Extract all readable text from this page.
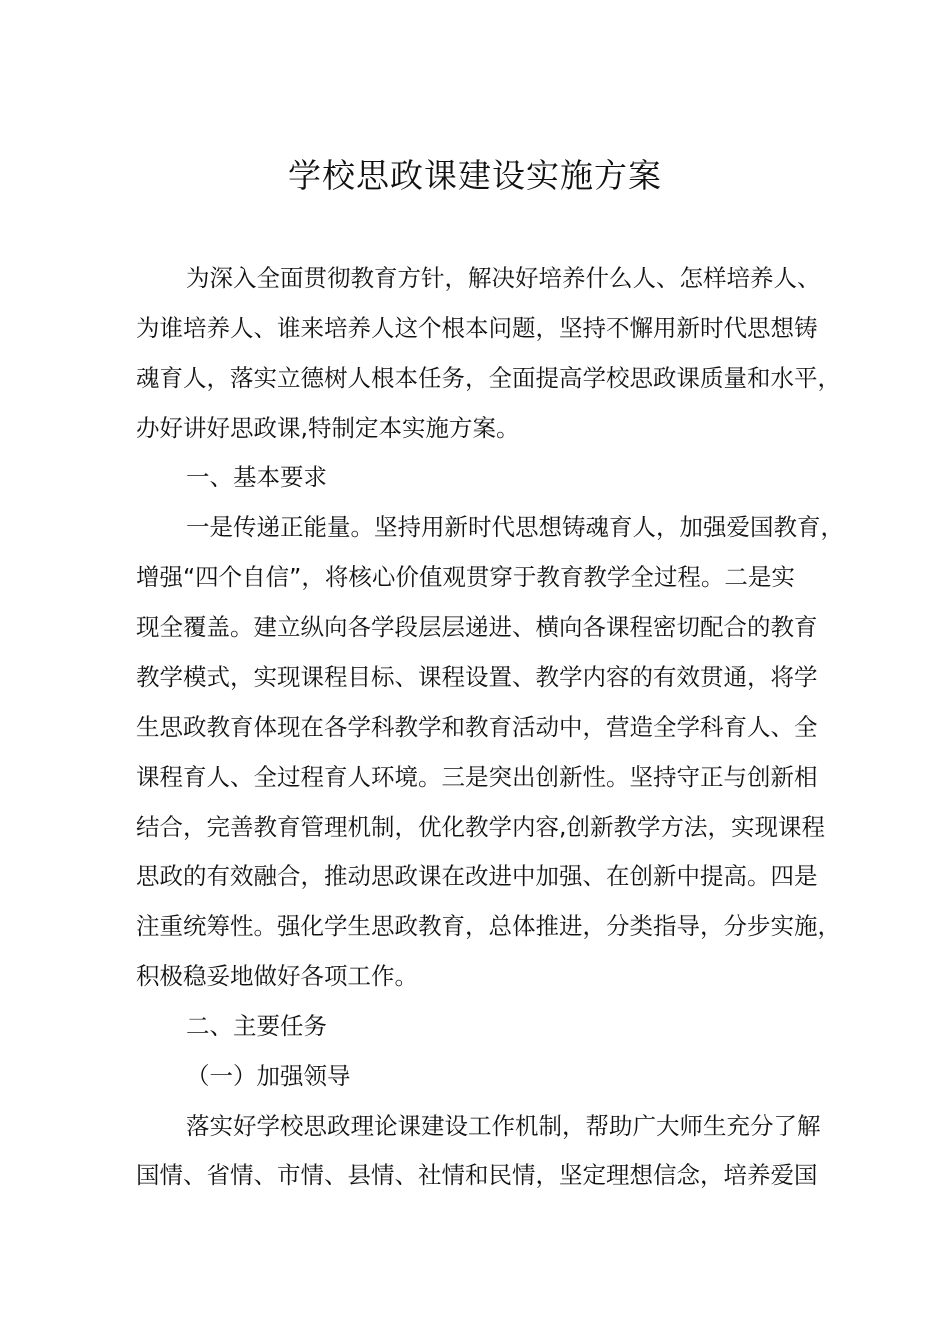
学校思政课建设实施方案

为深入全面贯彻教育方针，解决好培养什么人、怎样培养人、

为谁培养人、谁来培养人这个根本问题，坚持不懈用新时代思想铸

魂育人，落实立德树人根本任务，全面提高学校思政课质量和水平，

办好讲好思政课,特制定本实施方案。

一、基本要求

一是传递正能量。坚持用新时代思想铸魂育人，加强爱国教育，

增强“四个自信”，将核心价值观贯穿于教育教学全过程。二是实

现全覆盖。建立纵向各学段层层递进、横向各课程密切配合的教育

教学模式，实现课程目标、课程设置、教学内容的有效贯通，将学

生思政教育体现在各学科教学和教育活动中，营造全学科育人、全

课程育人、全过程育人环境。三是突出创新性。坚持守正与创新相

结合，完善教育管理机制，优化教学内容,创新教学方法，实现课程

思政的有效融合，推动思政课在改进中加强、在创新中提高。四是

注重统筹性。强化学生思政教育，总体推进，分类指导，分步实施，

积极稳妥地做好各项工作。

二、主要任务

（一）加强领导

落实好学校思政理论课建设工作机制，帮助广大师生充分了解

国情、省情、市情、县情、社情和民情，坚定理想信念，培养爱国
